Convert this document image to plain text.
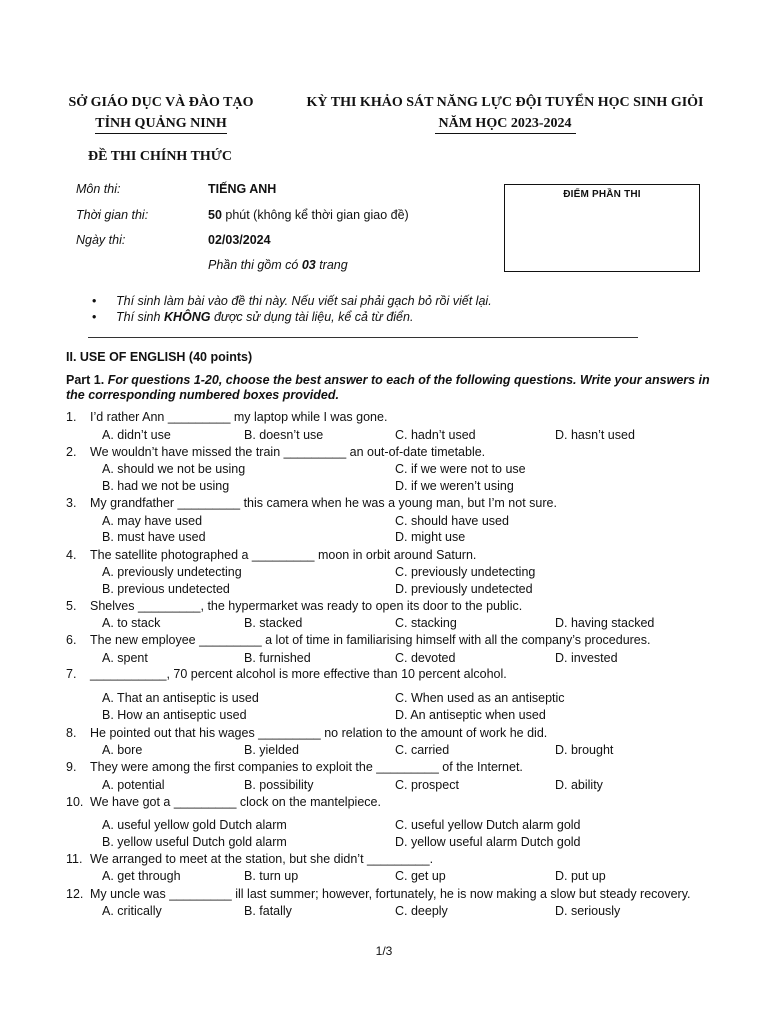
SỞ GIÁO DỤC VÀ ĐÀO TẠO
TỈNH QUẢNG NINH
KỲ THI KHẢO SÁT NĂNG LỰC ĐỘI TUYỂN HỌC SINH GIỎI
NĂM HỌC 2023-2024
ĐỀ THI CHÍNH THỨC
Môn thi:	TIẾNG ANH
Thời gian thi:	50 phút (không kể thời gian giao đề)
Ngày thi:	02/03/2024
Phần thi gồm có 03 trang
ĐIỂM PHẦN THI
• Thí sinh làm bài vào đề thi này. Nếu viết sai phải gạch bỏ rồi viết lại.
• Thí sinh KHÔNG được sử dụng tài liệu, kể cả từ điển.
II. USE OF ENGLISH (40 points)
Part 1. For questions 1-20, choose the best answer to each of the following questions. Write your answers in the corresponding numbered boxes provided.
1. I’d rather Ann _________ my laptop while I was gone.
A. didn’t use	B. doesn’t use	C. hadn’t used	D. hasn’t used
2. We wouldn’t have missed the train _________ an out-of-date timetable.
A. should we not be using	C. if we were not to use
B. had we not be using	D. if we weren’t using
3. My grandfather _________ this camera when he was a young man, but I’m not sure.
A. may have used	C. should have used
B. must have used	D. might use
4. The satellite photographed a _________ moon in orbit around Saturn.
A. previously undetecting	C. previously undetecting
B. previous undetected	D. previously undetected
5. Shelves _________, the hypermarket was ready to open its door to the public.
A. to stack	B. stacked	C. stacking	D. having stacked
6. The new employee _________ a lot of time in familiarising himself with all the company’s procedures.
A. spent	B. furnished	C. devoted	D. invested
7. ___________, 70 percent alcohol is more effective than 10 percent alcohol.
A. That an antiseptic is used	C. When used as an antiseptic
B. How an antiseptic used	D. An antiseptic when used
8. He pointed out that his wages _________ no relation to the amount of work he did.
A. bore	B. yielded	C. carried	D. brought
9. They were among the first companies to exploit the _________ of the Internet.
A. potential	B. possibility	C. prospect	D. ability
10. We have got a _________ clock on the mantelpiece.
A. useful yellow gold Dutch alarm	C. useful yellow Dutch alarm gold
B. yellow useful Dutch gold alarm	D. yellow useful alarm Dutch gold
11. We arranged to meet at the station, but she didn’t _________.
A. get through	B. turn up	C. get up	D. put up
12. My uncle was _________ ill last summer; however, fortunately, he is now making a slow but steady recovery.
A. critically	B. fatally	C. deeply	D. seriously
1/3
